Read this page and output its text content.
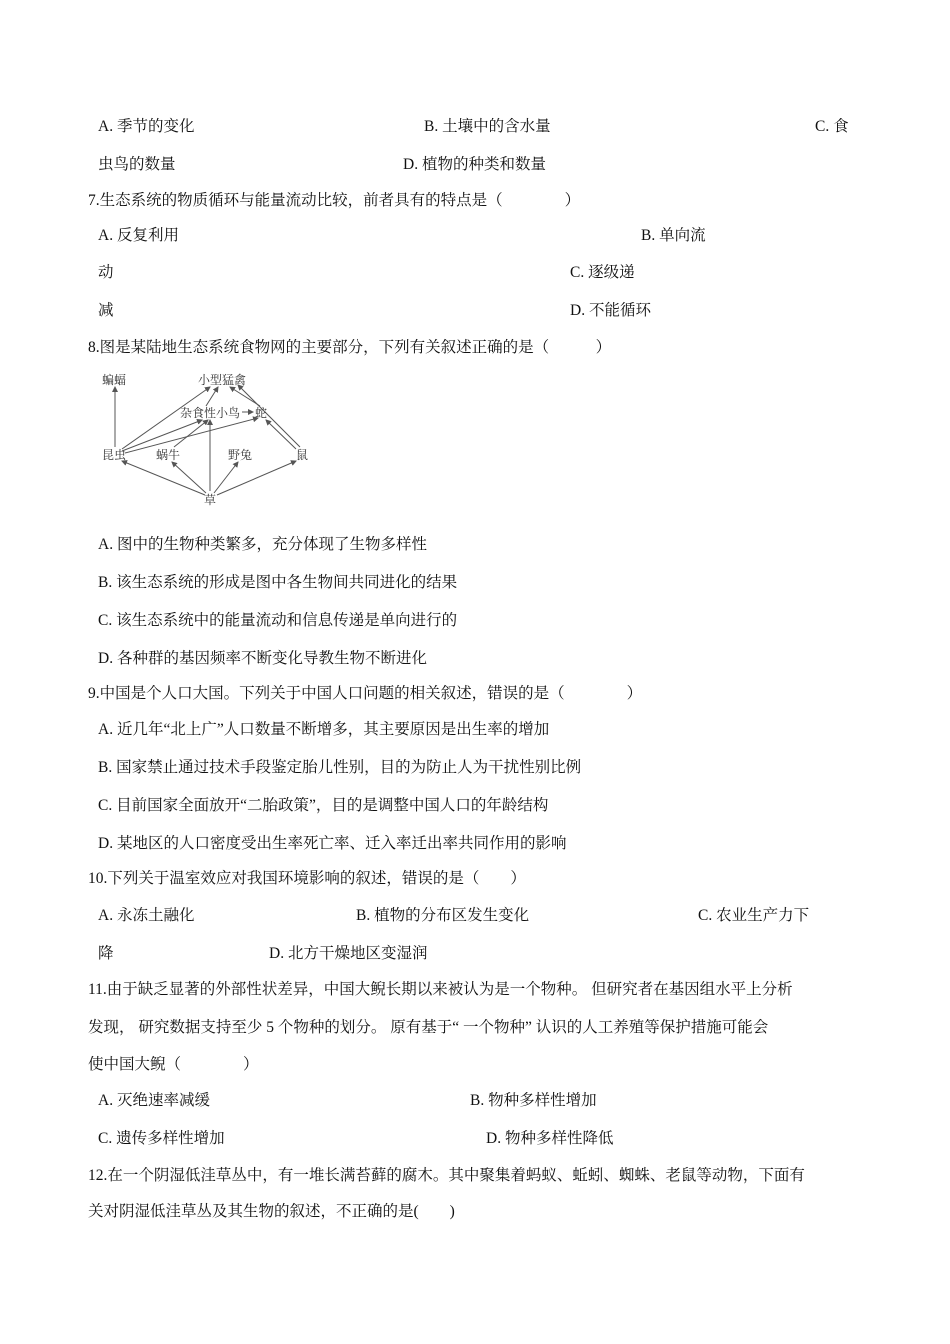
蝙蝠	小型猛禽
杂食性小鸟 蛇
昆虫 蜗牛	野兔	鼠
草
A. 季节的变化	B. 土壤中的含水量	C. 食
虫鸟的数量	D. 植物的种类和数量
7.生态系统的物质循环与能量流动比较，前者具有的特点是（　　　　）
A. 反复利用	B. 单向流
动	C. 逐级递
减	D. 不能循环
8.图是某陆地生态系统食物网的主要部分，下列有关叙述正确的是（　　　）
A. 图中的生物种类繁多，充分体现了生物多样性
B. 该生态系统的形成是图中各生物间共同进化的结果
C. 该生态系统中的能量流动和信息传递是单向进行的
D. 各种群的基因频率不断变化导教生物不断进化
9.中国是个人口大国。下列关于中国人口问题的相关叙述，错误的是（　　　　）
A. 近几年“北上广”人口数量不断增多，其主要原因是出生率的增加
B. 国家禁止通过技术手段鉴定胎儿性别，目的为防止人为干扰性别比例
C. 目前国家全面放开“二胎政策”，目的是调整中国人口的年龄结构
D. 某地区的人口密度受出生率死亡率、迁入率迁出率共同作用的影响
10.下列关于温室效应对我国环境影响的叙述，错误的是（　　）
A. 永冻土融化	B. 植物的分布区发生变化	C. 农业生产力下
降	D. 北方干燥地区变湿润
11.由于缺乏显著的外部性状差异，中国大鲵长期以来被认为是一个物种。 但研究者在基因组水平上分析
发现， 研究数据支持至少 5 个物种的划分。 原有基于“ 一个物种” 认识的人工养殖等保护措施可能会
使中国大鲵（　　　　）
A. 灭绝速率减缓	B. 物种多样性增加
C. 遗传多样性增加	D. 物种多样性降低
12.在一个阴湿低洼草丛中，有一堆长满苔藓的腐木。其中聚集着蚂蚁、蚯蚓、蜘蛛、老鼠等动物，下面有
关对阴湿低洼草丛及其生物的叙述，不正确的是(　　)
